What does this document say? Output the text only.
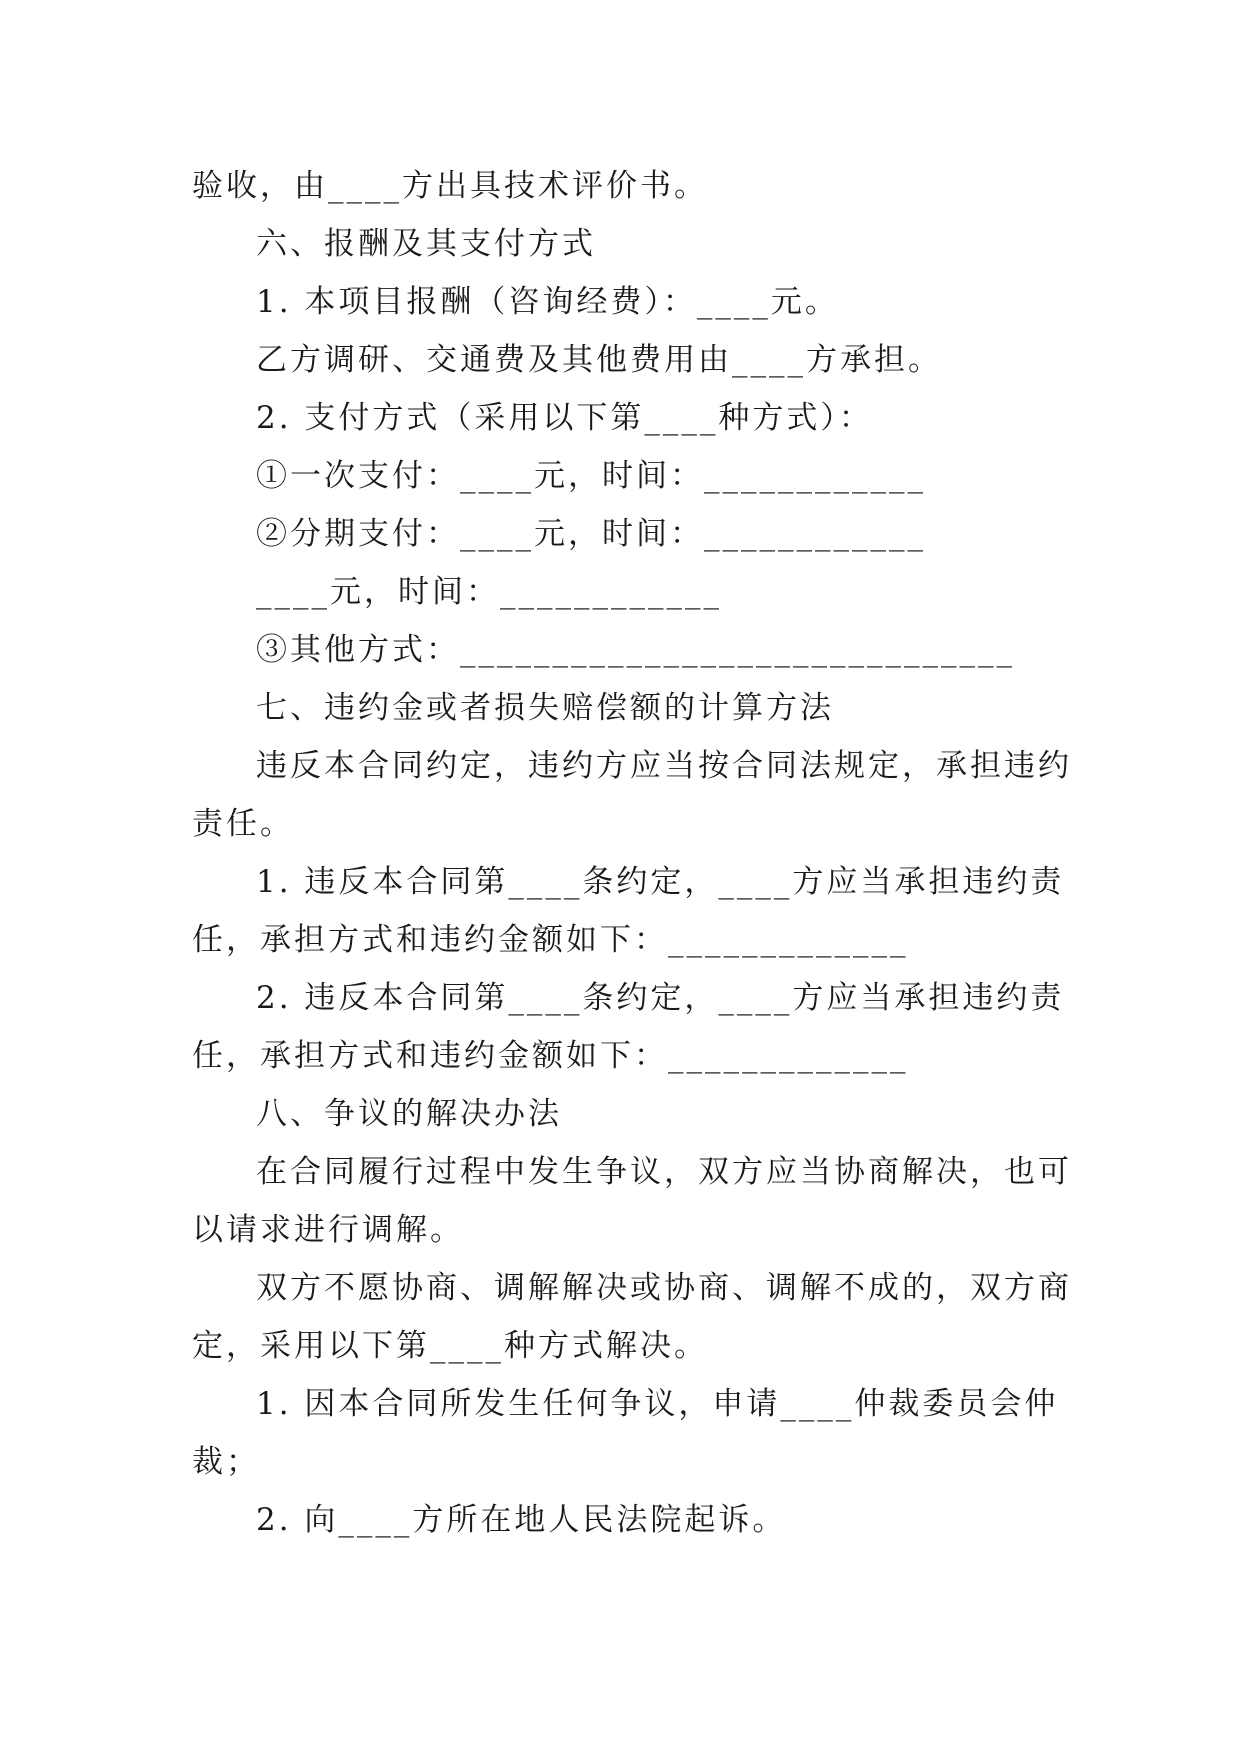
验收，由____方出具技术评价书。
六、报酬及其支付方式
1. 本项目报酬（咨询经费）：____元。
乙方调研、交通费及其他费用由____方承担。
2. 支付方式（采用以下第____种方式）：
①一次支付：____元，时间：____________
②分期支付：____元，时间：____________
____元，时间：____________
③其他方式：______________________________
七、违约金或者损失赔偿额的计算方法
违反本合同约定，违约方应当按合同法规定，承担违约
责任。
1. 违反本合同第____条约定，____方应当承担违约责
任，承担方式和违约金额如下：_____________
2. 违反本合同第____条约定，____方应当承担违约责
任，承担方式和违约金额如下：_____________
八、争议的解决办法
在合同履行过程中发生争议，双方应当协商解决，也可
以请求进行调解。
双方不愿协商、调解解决或协商、调解不成的，双方商
定，采用以下第____种方式解决。
1. 因本合同所发生任何争议，申请____仲裁委员会仲
裁；
2. 向____方所在地人民法院起诉。
